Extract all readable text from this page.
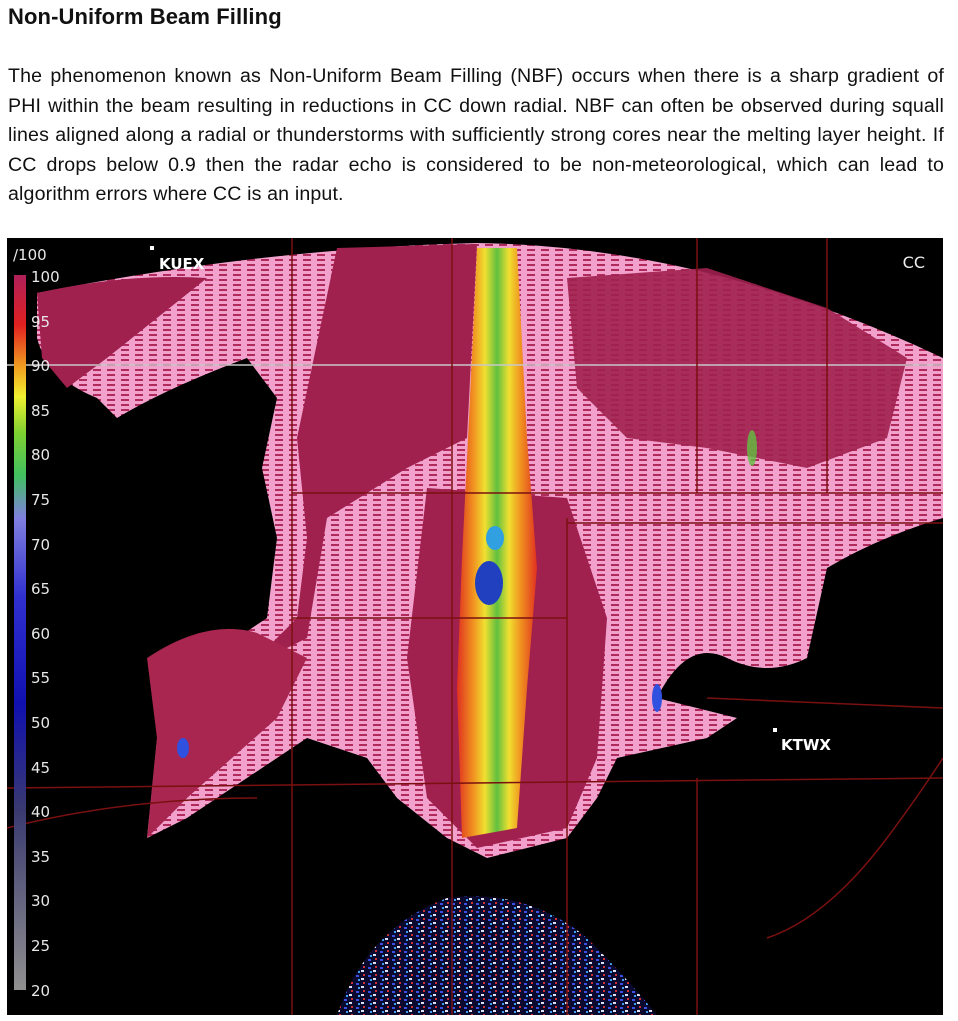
Non-Uniform Beam Filling
The phenomenon known as Non-Uniform Beam Filling (NBF) occurs when there is a sharp gradient of PHI within the beam resulting in reductions in CC down radial. NBF can often be observed during squall lines aligned along a radial or thunderstorms with sufficiently strong cores near the melting layer height. If CC drops below 0.9 then the radar echo is considered to be non-meteorological, which can lead to algorithm errors where CC is an input.
/100
100
95
90
85
80
75
70
65
60
55
50
45
40
35
30
25
20
KUEX
KTWX
CC
